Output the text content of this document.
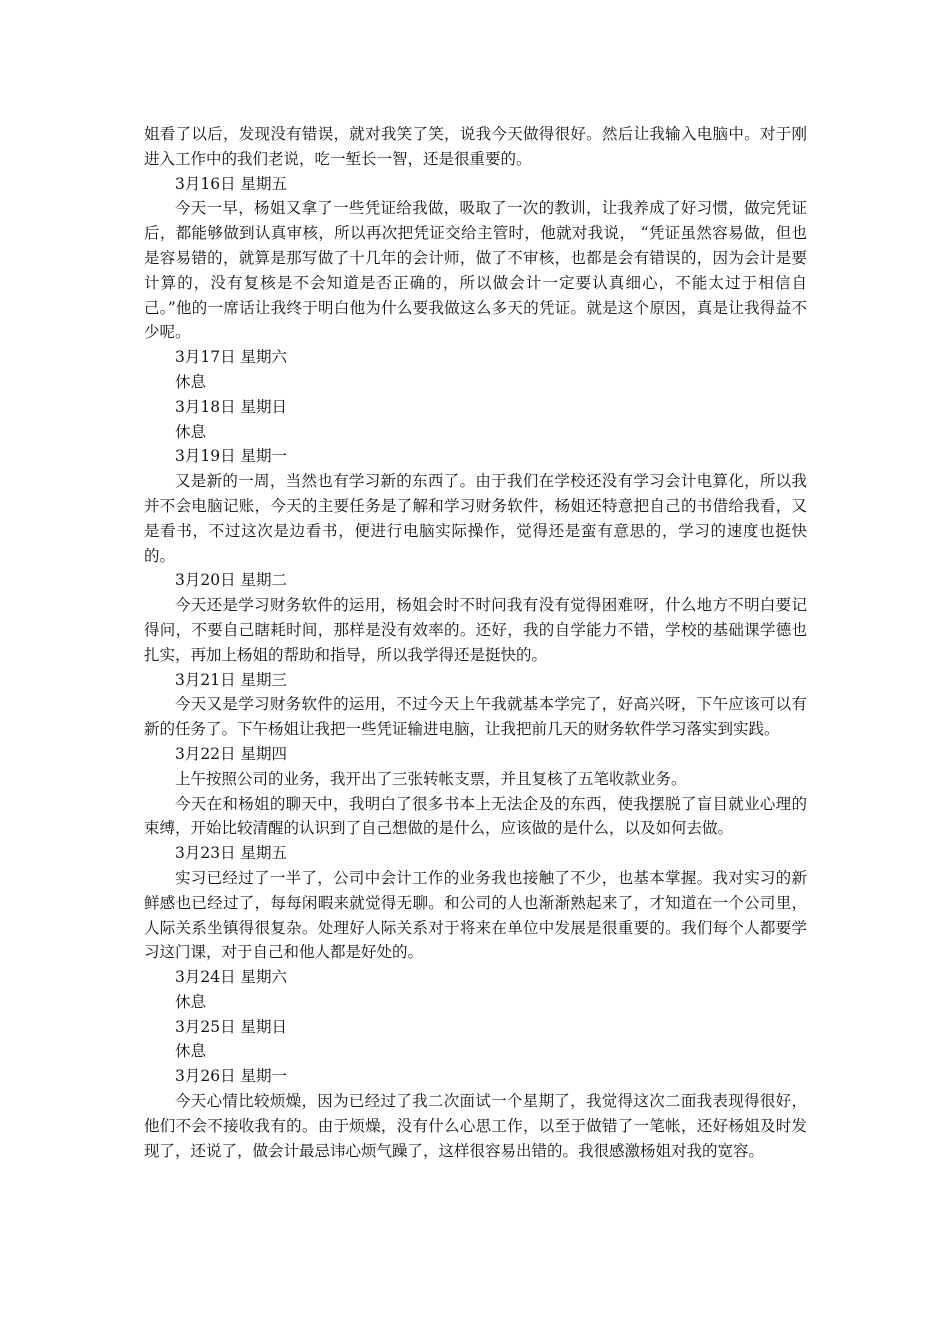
姐看了以后，发现没有错误，就对我笑了笑，说我今天做得很好。然后让我输入电脑中。对于刚进入工作中的我们老说，吃一堑长一智，还是很重要的。

3月16日 星期五

今天一早，杨姐又拿了一些凭证给我做，吸取了一次的教训，让我养成了好习惯，做完凭证后，都能够做到认真审核，所以再次把凭证交给主管时，他就对我说， “凭证虽然容易做，但也是容易错的，就算是那写做了十几年的会计师，做了不审核，也都是会有错误的，因为会计是要计算的，没有复核是不会知道是否正确的，所以做会计一定要认真细心，不能太过于相信自己。”他的一席话让我终于明白他为什么要我做这么多天的凭证。就是这个原因，真是让我得益不少呢。

3月17日 星期六

休息

3月18日 星期日

休息

3月19日 星期一

又是新的一周，当然也有学习新的东西了。由于我们在学校还没有学习会计电算化，所以我并不会电脑记账，今天的主要任务是了解和学习财务软件，杨姐还特意把自己的书借给我看，又是看书，不过这次是边看书，便进行电脑实际操作，觉得还是蛮有意思的，学习的速度也挺快的。

3月20日 星期二

今天还是学习财务软件的运用，杨姐会时不时问我有没有觉得困难呀，什么地方不明白要记得问，不要自己瞎耗时间，那样是没有效率的。还好，我的自学能力不错，学校的基础课学德也扎实，再加上杨姐的帮助和指导，所以我学得还是挺快的。

3月21日 星期三

今天又是学习财务软件的运用，不过今天上午我就基本学完了，好高兴呀，下午应该可以有新的任务了。下午杨姐让我把一些凭证输进电脑，让我把前几天的财务软件学习落实到实践。

3月22日 星期四

上午按照公司的业务，我开出了三张转帐支票，并且复核了五笔收款业务。

今天在和杨姐的聊天中，我明白了很多书本上无法企及的东西，使我摆脱了盲目就业心理的束缚，开始比较清醒的认识到了自己想做的是什么，应该做的是什么，以及如何去做。

3月23日 星期五

实习已经过了一半了，公司中会计工作的业务我也接触了不少，也基本掌握。我对实习的新鲜感也已经过了，每每闲暇来就觉得无聊。和公司的人也渐渐熟起来了，才知道在一个公司里，人际关系坐镇得很复杂。处理好人际关系对于将来在单位中发展是很重要的。我们每个人都要学习这门课，对于自己和他人都是好处的。

3月24日 星期六

休息

3月25日 星期日

休息

3月26日 星期一

今天心情比较烦燥，因为已经过了我二次面试一个星期了，我觉得这次二面我表现得很好，他们不会不接收我有的。由于烦燥，没有什么心思工作，以至于做错了一笔帐，还好杨姐及时发现了，还说了，做会计最忌讳心烦气躁了，这样很容易出错的。我很感激杨姐对我的宽容。
